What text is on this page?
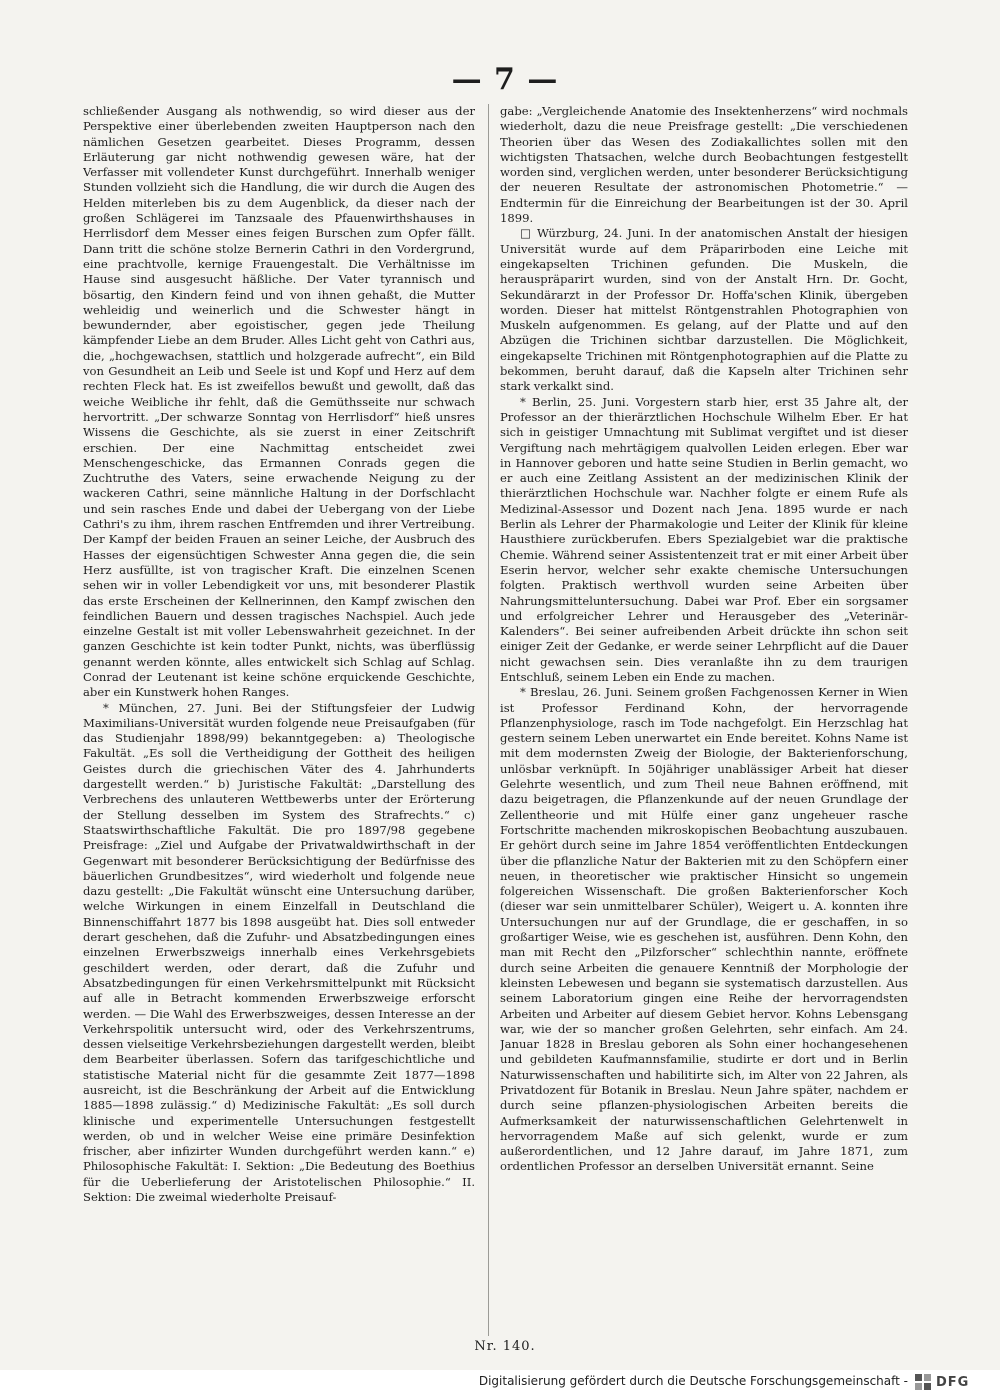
— 7 —

schließender Ausgang als nothwendig, so wird dieser aus der Perspektive einer überlebenden zweiten Hauptperson nach den nämlichen Gesetzen gearbeitet. Dieses Programm, dessen Erläuterung gar nicht nothwendig gewesen wäre, hat der Verfasser mit vollendeter Kunst durchgeführt. Innerhalb weniger Stunden vollzieht sich die Handlung, die wir durch die Augen des Helden miterleben bis zu dem Augenblick, da dieser nach der großen Schlägerei im Tanzsaale des Pfauenwirthshauses in Herrlisdorf dem Messer eines feigen Burschen zum Opfer fällt. Dann tritt die schöne stolze Bernerin Cathri in den Vordergrund, eine prachtvolle, kernige Frauengestalt. Die Verhältnisse im Hause sind ausgesucht häßliche. Der Vater tyrannisch und bösartig, den Kindern feind und von ihnen gehaßt, die Mutter wehleidig und weinerlich und die Schwester hängt in bewundernder, aber egoistischer, gegen jede Theilung kämpfender Liebe an dem Bruder. Alles Licht geht von Cathri aus, die, „hochgewachsen, stattlich und holzgerade aufrecht“, ein Bild von Gesundheit an Leib und Seele ist und Kopf und Herz auf dem rechten Fleck hat. Es ist zweifellos bewußt und gewollt, daß das weiche Weibliche ihr fehlt, daß die Gemüthsseite nur schwach hervortritt. „Der schwarze Sonntag von Herrlisdorf“ hieß unsres Wissens die Geschichte, als sie zuerst in einer Zeitschrift erschien. Der eine Nachmittag entscheidet zwei Menschengeschicke, das Ermannen Conrads gegen die Zuchtruthe des Vaters, seine erwachende Neigung zu der wackeren Cathri, seine männliche Haltung in der Dorfschlacht und sein rasches Ende und dabei der Uebergang von der Liebe Cathri's zu ihm, ihrem raschen Entfremden und ihrer Vertreibung. Der Kampf der beiden Frauen an seiner Leiche, der Ausbruch des Hasses der eigensüchtigen Schwester Anna gegen die, die sein Herz ausfüllte, ist von tragischer Kraft. Die einzelnen Scenen sehen wir in voller Lebendigkeit vor uns, mit besonderer Plastik das erste Erscheinen der Kellnerinnen, den Kampf zwischen den feindlichen Bauern und dessen tragisches Nachspiel. Auch jede einzelne Gestalt ist mit voller Lebenswahrheit gezeichnet. In der ganzen Geschichte ist kein todter Punkt, nichts, was überflüssig genannt werden könnte, alles entwickelt sich Schlag auf Schlag. Conrad der Leutenant ist keine schöne erquickende Geschichte, aber ein Kunstwerk hohen Ranges.

* München, 27. Juni. Bei der Stiftungsfeier der Ludwig Maximilians-Universität wurden folgende neue Preisaufgaben (für das Studienjahr 1898/99) bekanntgegeben: a) Theologische Fakultät. „Es soll die Vertheidigung der Gottheit des heiligen Geistes durch die griechischen Väter des 4. Jahrhunderts dargestellt werden.“ b) Juristische Fakultät: „Darstellung des Verbrechens des unlauteren Wettbewerbs unter der Erörterung der Stellung desselben im System des Strafrechts.“ c) Staatswirthschaftliche Fakultät. Die pro 1897/98 gegebene Preisfrage: „Ziel und Aufgabe der Privatwaldwirthschaft in der Gegenwart mit besonderer Berücksichtigung der Bedürfnisse des bäuerlichen Grundbesitzes“, wird wiederholt und folgende neue dazu gestellt: „Die Fakultät wünscht eine Untersuchung darüber, welche Wirkungen in einem Einzelfall in Deutschland die Binnenschiffahrt 1877 bis 1898 ausgeübt hat. Dies soll entweder derart geschehen, daß die Zufuhr- und Absatzbedingungen eines einzelnen Erwerbszweigs innerhalb eines Verkehrsgebiets geschildert werden, oder derart, daß die Zufuhr und Absatzbedingungen für einen Verkehrsmittelpunkt mit Rücksicht auf alle in Betracht kommenden Erwerbszweige erforscht werden. — Die Wahl des Erwerbszweiges, dessen Interesse an der Verkehrspolitik untersucht wird, oder des Verkehrszentrums, dessen vielseitige Verkehrsbeziehungen dargestellt werden, bleibt dem Bearbeiter überlassen. Sofern das tarifgeschichtliche und statistische Material nicht für die gesammte Zeit 1877—1898 ausreicht, ist die Beschränkung der Arbeit auf die Entwicklung 1885—1898 zulässig.“ d) Medizinische Fakultät: „Es soll durch klinische und experimentelle Untersuchungen festgestellt werden, ob und in welcher Weise eine primäre Desinfektion frischer, aber infizirter Wunden durchgeführt werden kann.“ e) Philosophische Fakultät: I. Sektion: „Die Bedeutung des Boethius für die Ueberlieferung der Aristotelischen Philosophie.“ II. Sektion: Die zweimal wiederholte Preisauf-

gabe: „Vergleichende Anatomie des Insektenherzens“ wird nochmals wiederholt, dazu die neue Preisfrage gestellt: „Die verschiedenen Theorien über das Wesen des Zodiakallichtes sollen mit den wichtigsten Thatsachen, welche durch Beobachtungen festgestellt worden sind, verglichen werden, unter besonderer Berücksichtigung der neueren Resultate der astronomischen Photometrie.“ — Endtermin für die Einreichung der Bearbeitungen ist der 30. April 1899.

□ Würzburg, 24. Juni. In der anatomischen Anstalt der hiesigen Universität wurde auf dem Präparirboden eine Leiche mit eingekapselten Trichinen gefunden. Die Muskeln, die herauspräparirt wurden, sind von der Anstalt Hrn. Dr. Gocht, Sekundärarzt in der Professor Dr. Hoffa'schen Klinik, übergeben worden. Dieser hat mittelst Röntgenstrahlen Photographien von Muskeln aufgenommen. Es gelang, auf der Platte und auf den Abzügen die Trichinen sichtbar darzustellen. Die Möglichkeit, eingekapselte Trichinen mit Röntgenphotographien auf die Platte zu bekommen, beruht darauf, daß die Kapseln alter Trichinen sehr stark verkalkt sind.

* Berlin, 25. Juni. Vorgestern starb hier, erst 35 Jahre alt, der Professor an der thierärztlichen Hochschule Wilhelm Eber. Er hat sich in geistiger Umnachtung mit Sublimat vergiftet und ist dieser Vergiftung nach mehrtägigem qualvollen Leiden erlegen. Eber war in Hannover geboren und hatte seine Studien in Berlin gemacht, wo er auch eine Zeitlang Assistent an der medizinischen Klinik der thierärztlichen Hochschule war. Nachher folgte er einem Rufe als Medizinal-Assessor und Dozent nach Jena. 1895 wurde er nach Berlin als Lehrer der Pharmakologie und Leiter der Klinik für kleine Hausthiere zurückberufen. Ebers Spezialgebiet war die praktische Chemie. Während seiner Assistentenzeit trat er mit einer Arbeit über Eserin hervor, welcher sehr exakte chemische Untersuchungen folgten. Praktisch werthvoll wurden seine Arbeiten über Nahrungsmitteluntersuchung. Dabei war Prof. Eber ein sorgsamer und erfolgreicher Lehrer und Herausgeber des „Veterinär-Kalenders“. Bei seiner aufreibenden Arbeit drückte ihn schon seit einiger Zeit der Gedanke, er werde seiner Lehrpflicht auf die Dauer nicht gewachsen sein. Dies veranlaßte ihn zu dem traurigen Entschluß, seinem Leben ein Ende zu machen.

* Breslau, 26. Juni. Seinem großen Fachgenossen Kerner in Wien ist Professor Ferdinand Kohn, der hervorragende Pflanzenphysiologe, rasch im Tode nachgefolgt. Ein Herzschlag hat gestern seinem Leben unerwartet ein Ende bereitet. Kohns Name ist mit dem modernsten Zweig der Biologie, der Bakterienforschung, unlösbar verknüpft. In 50jähriger unablässiger Arbeit hat dieser Gelehrte wesentlich, und zum Theil neue Bahnen eröffnend, mit dazu beigetragen, die Pflanzenkunde auf der neuen Grundlage der Zellentheorie und mit Hülfe einer ganz ungeheuer rasche Fortschritte machenden mikroskopischen Beobachtung auszubauen. Er gehört durch seine im Jahre 1854 veröffentlichten Entdeckungen über die pflanzliche Natur der Bakterien mit zu den Schöpfern einer neuen, in theoretischer wie praktischer Hinsicht so ungemein folgereichen Wissenschaft. Die großen Bakterienforscher Koch (dieser war sein unmittelbarer Schüler), Weigert u. A. konnten ihre Untersuchungen nur auf der Grundlage, die er geschaffen, in so großartiger Weise, wie es geschehen ist, ausführen. Denn Kohn, den man mit Recht den „Pilzforscher“ schlechthin nannte, eröffnete durch seine Arbeiten die genauere Kenntniß der Morphologie der kleinsten Lebewesen und begann sie systematisch darzustellen. Aus seinem Laboratorium gingen eine Reihe der hervorragendsten Arbeiten und Arbeiter auf diesem Gebiet hervor. Kohns Lebensgang war, wie der so mancher großen Gelehrten, sehr einfach. Am 24. Januar 1828 in Breslau geboren als Sohn einer hochangesehenen und gebildeten Kaufmannsfamilie, studirte er dort und in Berlin Naturwissenschaften und habilitirte sich, im Alter von 22 Jahren, als Privatdozent für Botanik in Breslau. Neun Jahre später, nachdem er durch seine pflanzen-physiologischen Arbeiten bereits die Aufmerksamkeit der naturwissenschaftlichen Gelehrtenwelt in hervorragendem Maße auf sich gelenkt, wurde er zum außerordentlichen, und 12 Jahre darauf, im Jahre 1871, zum ordentlichen Professor an derselben Universität ernannt. Seine

Nr. 140.
Digitalisierung gefördert durch die Deutsche Forschungsgemeinschaft - DFG
